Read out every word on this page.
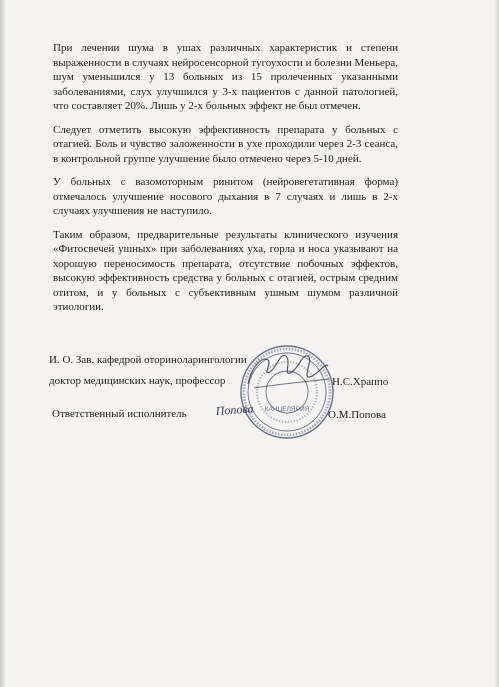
При лечении шума в ушах различных характеристик и степени выраженности в случаях нейросенсорной тугоухости и болезни Меньера, шум уменьшился у 13 больных из 15 пролеченных указанными заболеваниями, слух улучшился у 3-х пациентов с данной патологией, что составляет 20%. Лишь у 2-х больных эффект не был отмечен.

Следует отметить высокую эффективность препарата у больных с отагией. Боль и чувство заложенности в ухе проходили через 2-3 сеанса, в контрольной группе улучшение было отмечено через 5-10 дней.

У больных с вазомоторным ринитом (нейровегетативная форма) отмечалось улучшение носового дыхания в 7 случаях и лишь в 2-х случаях улучшения не наступило.

Таким образом, предварительные результаты клинического изучения «Фитосвечей ушных» при заболеваниях уха, горла и носа указывают на хорошую переносимость препарата, отсутствие побочных эффектов, высокую эффективность средства у больных с отагией, острым средним отитом, и у больных с субъективным ушным шумом различной этиологии.

И. О. Зав. кафедрой оториноларингологии
доктор медицинских наук, профессор	Н.С.Храппо
Ответственный исполнитель	О.М.Попова
КАНЦЕЛЯРИЯ
Попова
